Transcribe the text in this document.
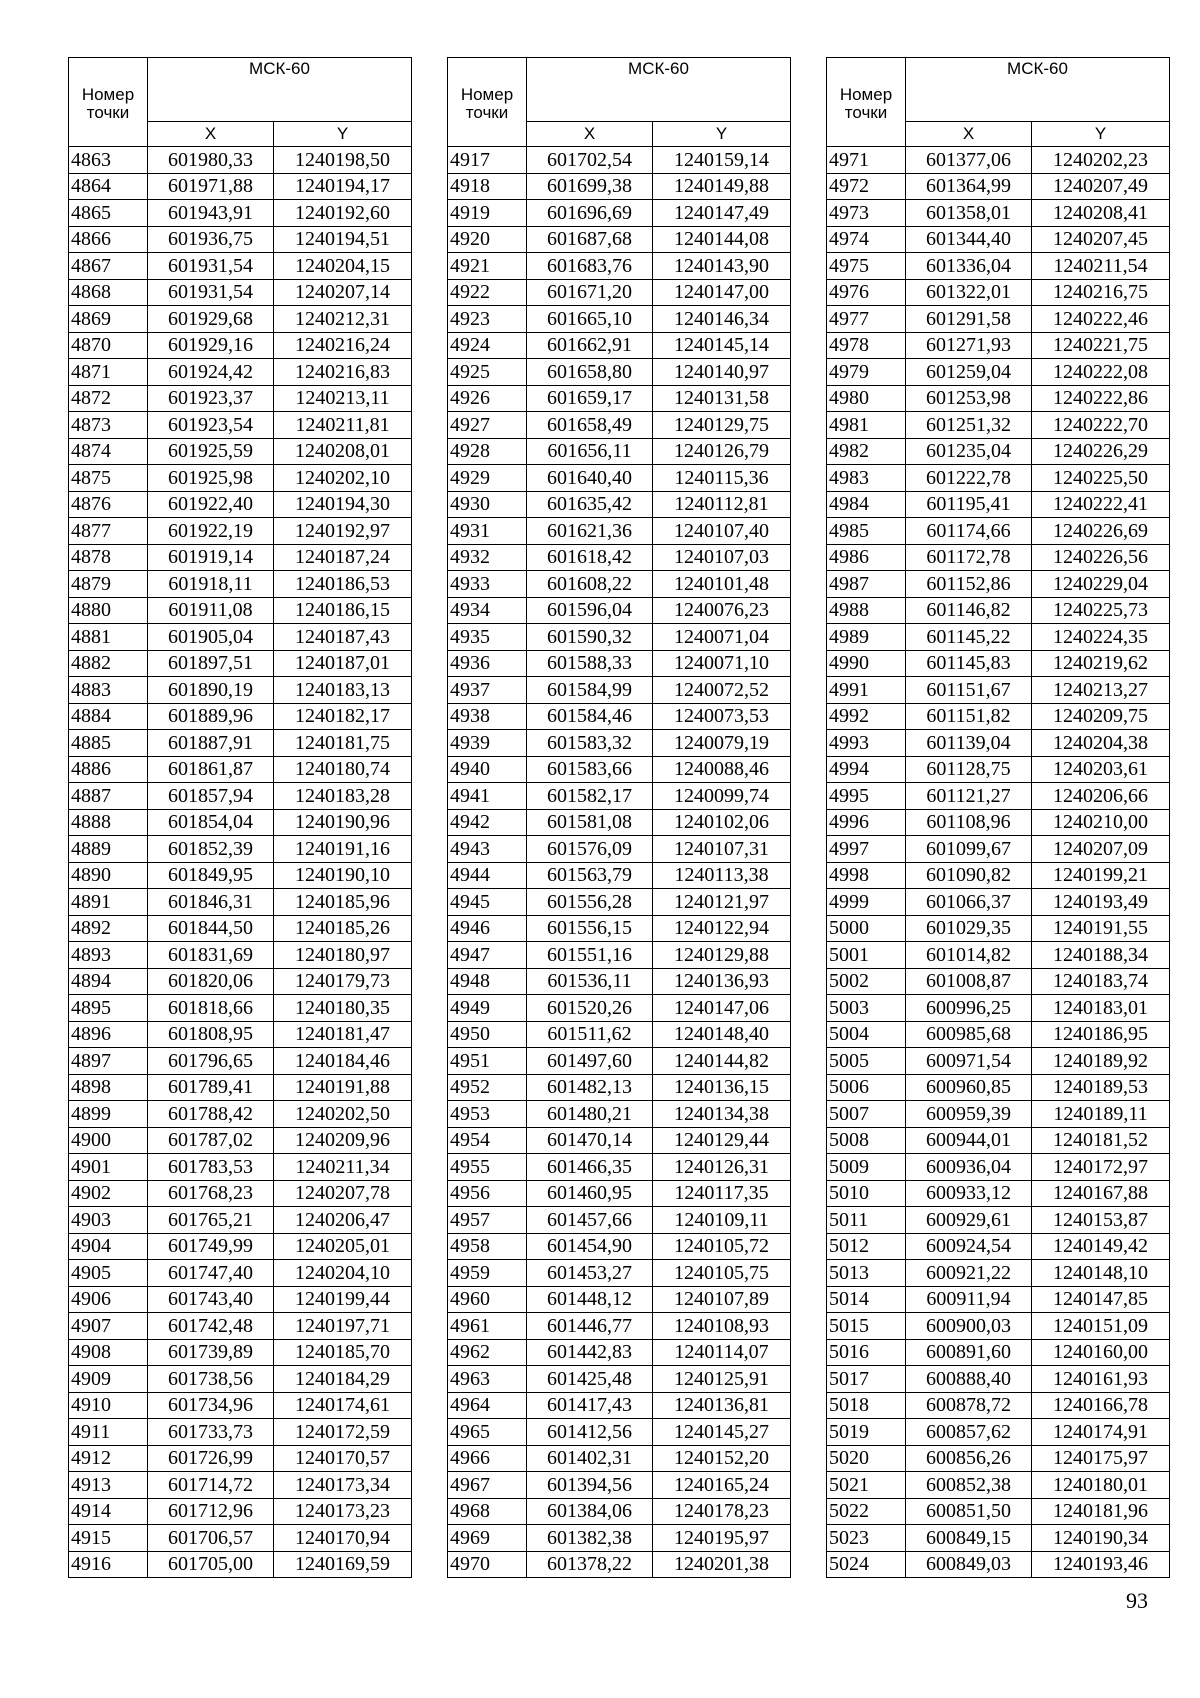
Номер
точки	МСК-60	
	X	Y
4863	601980,33	1240198,50
4864	601971,88	1240194,17
4865	601943,91	1240192,60
4866	601936,75	1240194,51
4867	601931,54	1240204,15
4868	601931,54	1240207,14
4869	601929,68	1240212,31
4870	601929,16	1240216,24
4871	601924,42	1240216,83
4872	601923,37	1240213,11
4873	601923,54	1240211,81
4874	601925,59	1240208,01
4875	601925,98	1240202,10
4876	601922,40	1240194,30
4877	601922,19	1240192,97
4878	601919,14	1240187,24
4879	601918,11	1240186,53
4880	601911,08	1240186,15
4881	601905,04	1240187,43
4882	601897,51	1240187,01
4883	601890,19	1240183,13
4884	601889,96	1240182,17
4885	601887,91	1240181,75
4886	601861,87	1240180,74
4887	601857,94	1240183,28
4888	601854,04	1240190,96
4889	601852,39	1240191,16
4890	601849,95	1240190,10
4891	601846,31	1240185,96
4892	601844,50	1240185,26
4893	601831,69	1240180,97
4894	601820,06	1240179,73
4895	601818,66	1240180,35
4896	601808,95	1240181,47
4897	601796,65	1240184,46
4898	601789,41	1240191,88
4899	601788,42	1240202,50
4900	601787,02	1240209,96
4901	601783,53	1240211,34
4902	601768,23	1240207,78
4903	601765,21	1240206,47
4904	601749,99	1240205,01
4905	601747,40	1240204,10
4906	601743,40	1240199,44
4907	601742,48	1240197,71
4908	601739,89	1240185,70
4909	601738,56	1240184,29
4910	601734,96	1240174,61
4911	601733,73	1240172,59
4912	601726,99	1240170,57
4913	601714,72	1240173,34
4914	601712,96	1240173,23
4915	601706,57	1240170,94
4916	601705,00	1240169,59
Номер
точки	МСК-60	
	X	Y
4917	601702,54	1240159,14
4918	601699,38	1240149,88
4919	601696,69	1240147,49
4920	601687,68	1240144,08
4921	601683,76	1240143,90
4922	601671,20	1240147,00
4923	601665,10	1240146,34
4924	601662,91	1240145,14
4925	601658,80	1240140,97
4926	601659,17	1240131,58
4927	601658,49	1240129,75
4928	601656,11	1240126,79
4929	601640,40	1240115,36
4930	601635,42	1240112,81
4931	601621,36	1240107,40
4932	601618,42	1240107,03
4933	601608,22	1240101,48
4934	601596,04	1240076,23
4935	601590,32	1240071,04
4936	601588,33	1240071,10
4937	601584,99	1240072,52
4938	601584,46	1240073,53
4939	601583,32	1240079,19
4940	601583,66	1240088,46
4941	601582,17	1240099,74
4942	601581,08	1240102,06
4943	601576,09	1240107,31
4944	601563,79	1240113,38
4945	601556,28	1240121,97
4946	601556,15	1240122,94
4947	601551,16	1240129,88
4948	601536,11	1240136,93
4949	601520,26	1240147,06
4950	601511,62	1240148,40
4951	601497,60	1240144,82
4952	601482,13	1240136,15
4953	601480,21	1240134,38
4954	601470,14	1240129,44
4955	601466,35	1240126,31
4956	601460,95	1240117,35
4957	601457,66	1240109,11
4958	601454,90	1240105,72
4959	601453,27	1240105,75
4960	601448,12	1240107,89
4961	601446,77	1240108,93
4962	601442,83	1240114,07
4963	601425,48	1240125,91
4964	601417,43	1240136,81
4965	601412,56	1240145,27
4966	601402,31	1240152,20
4967	601394,56	1240165,24
4968	601384,06	1240178,23
4969	601382,38	1240195,97
4970	601378,22	1240201,38
Номер
точки	МСК-60	
	X	Y
4971	601377,06	1240202,23
4972	601364,99	1240207,49
4973	601358,01	1240208,41
4974	601344,40	1240207,45
4975	601336,04	1240211,54
4976	601322,01	1240216,75
4977	601291,58	1240222,46
4978	601271,93	1240221,75
4979	601259,04	1240222,08
4980	601253,98	1240222,86
4981	601251,32	1240222,70
4982	601235,04	1240226,29
4983	601222,78	1240225,50
4984	601195,41	1240222,41
4985	601174,66	1240226,69
4986	601172,78	1240226,56
4987	601152,86	1240229,04
4988	601146,82	1240225,73
4989	601145,22	1240224,35
4990	601145,83	1240219,62
4991	601151,67	1240213,27
4992	601151,82	1240209,75
4993	601139,04	1240204,38
4994	601128,75	1240203,61
4995	601121,27	1240206,66
4996	601108,96	1240210,00
4997	601099,67	1240207,09
4998	601090,82	1240199,21
4999	601066,37	1240193,49
5000	601029,35	1240191,55
5001	601014,82	1240188,34
5002	601008,87	1240183,74
5003	600996,25	1240183,01
5004	600985,68	1240186,95
5005	600971,54	1240189,92
5006	600960,85	1240189,53
5007	600959,39	1240189,11
5008	600944,01	1240181,52
5009	600936,04	1240172,97
5010	600933,12	1240167,88
5011	600929,61	1240153,87
5012	600924,54	1240149,42
5013	600921,22	1240148,10
5014	600911,94	1240147,85
5015	600900,03	1240151,09
5016	600891,60	1240160,00
5017	600888,40	1240161,93
5018	600878,72	1240166,78
5019	600857,62	1240174,91
5020	600856,26	1240175,97
5021	600852,38	1240180,01
5022	600851,50	1240181,96
5023	600849,15	1240190,34
5024	600849,03	1240193,46
93
